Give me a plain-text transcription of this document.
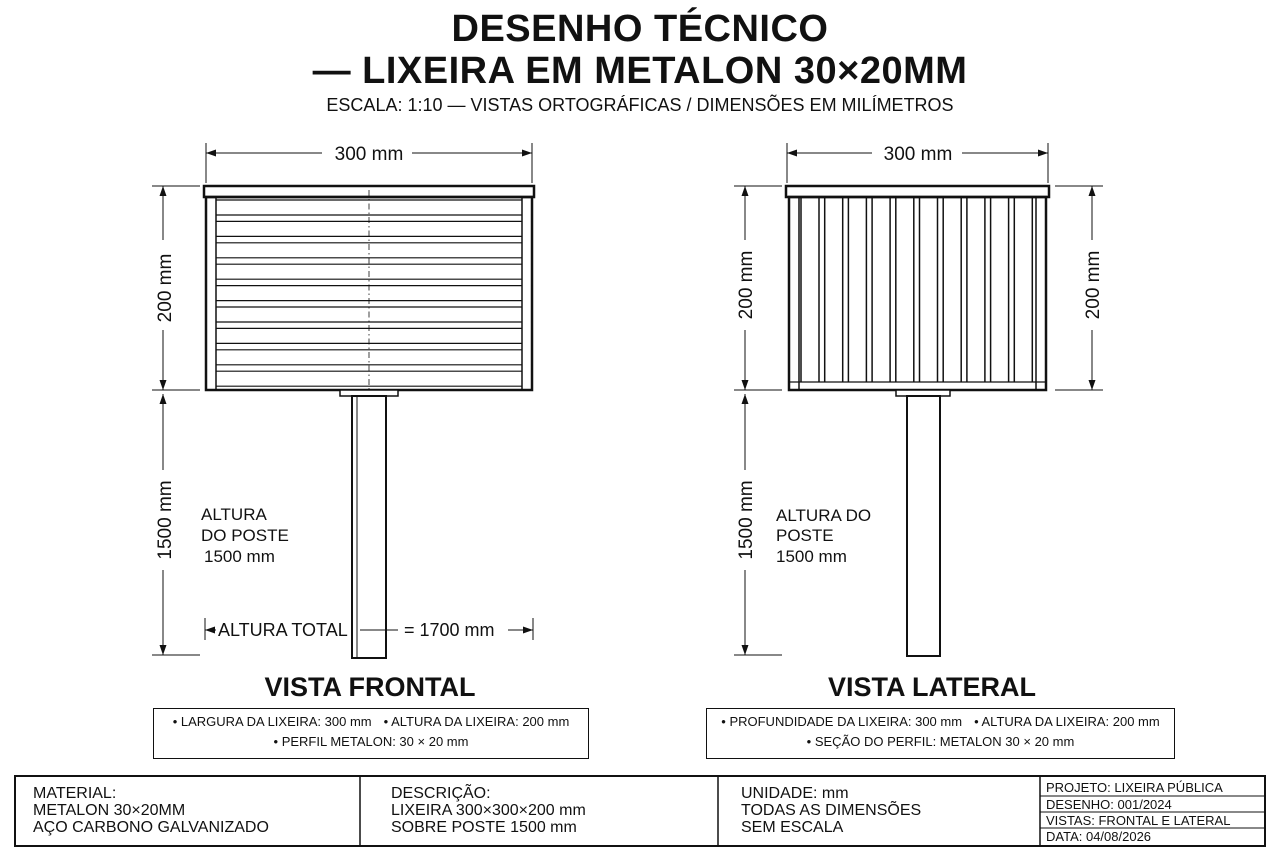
300 mm
200 mm
1500 mm
300 mm
200 mm	200 mm
1500 mm
ALTURA
DO POSTE
1500 mm
ALTURA DO
POSTE
1500 mm
ALTURA TOTAL	= 1700 mm
DESENHO TÉCNICO
— LIXEIRA EM METALON 30×20MM
ESCALA: 1:10 — VISTAS ORTOGRÁFICAS / DIMENSÕES EM MILÍMETROS
VISTA FRONTAL	VISTA LATERAL
• LARGURA DA LIXEIRA: 300 mm • ALTURA DA LIXEIRA: 200 mm
• PERFIL METALON: 30 × 20 mm
• PROFUNDIDADE DA LIXEIRA: 300 mm • ALTURA DA LIXEIRA: 200 mm
• SEÇÃO DO PERFIL: METALON 30 × 20 mm
MATERIAL:
METALON 30×20MM
AÇO CARBONO GALVANIZADO
DESCRIÇÃO:
LIXEIRA 300×300×200 mm
SOBRE POSTE 1500 mm
UNIDADE: mm
TODAS AS DIMENSÕES
SEM ESCALA
PROJETO: LIXEIRA PÚBLICA
DESENHO: 001/2024
VISTAS: FRONTAL E LATERAL
DATA: 04/08/2026
